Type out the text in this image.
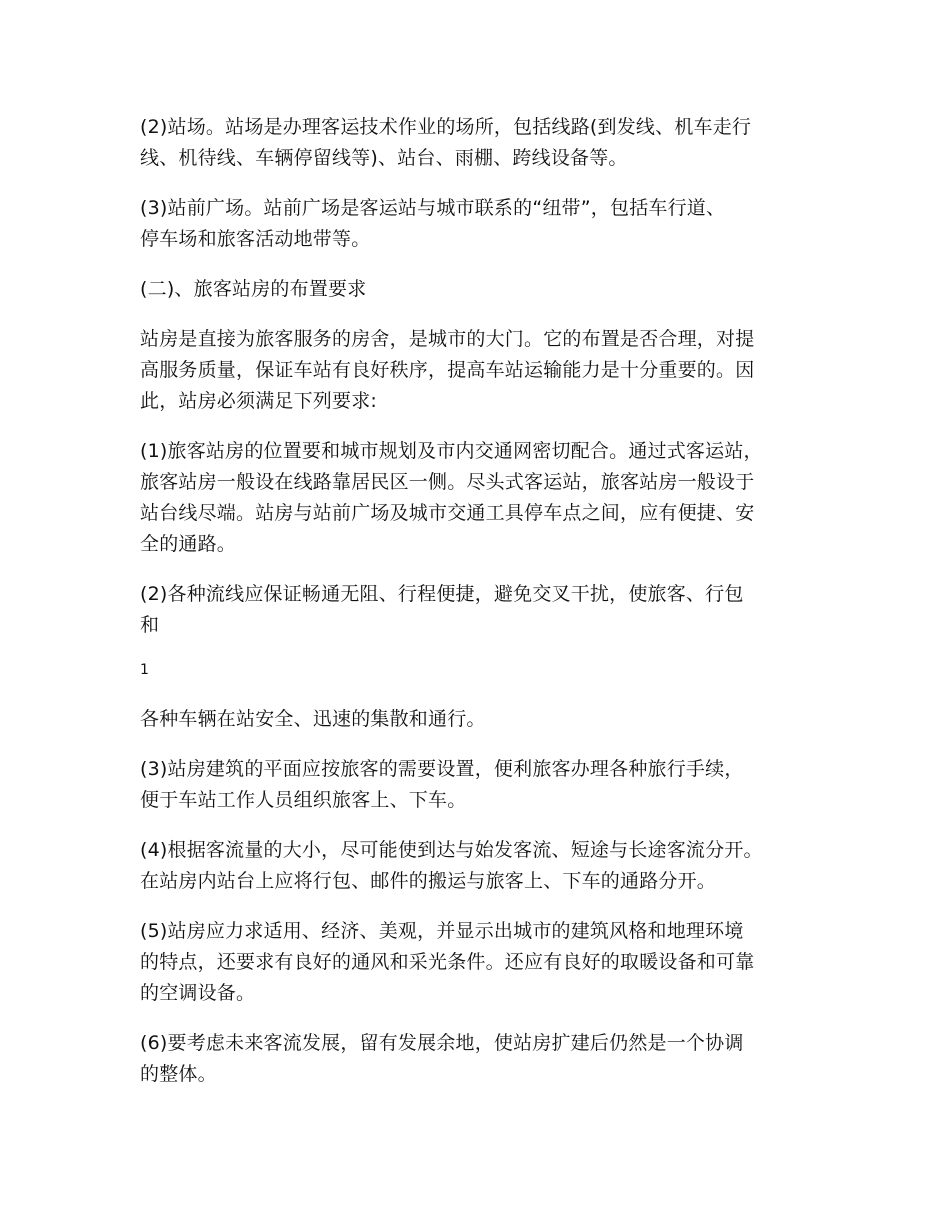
(2)站场。站场是办理客运技术作业的场所，包括线路(到发线、机车走行
线、机待线、车辆停留线等)、站台、雨棚、跨线设备等。
(3)站前广场。站前广场是客运站与城市联系的“纽带”，包括车行道、
停车场和旅客活动地带等。
(二)、旅客站房的布置要求
站房是直接为旅客服务的房舍，是城市的大门。它的布置是否合理，对提
高服务质量，保证车站有良好秩序，提高车站运输能力是十分重要的。因
此，站房必须满足下列要求:
(1)旅客站房的位置要和城市规划及市内交通网密切配合。通过式客运站，
旅客站房一般设在线路靠居民区一侧。尽头式客运站，旅客站房一般设于
站台线尽端。站房与站前广场及城市交通工具停车点之间，应有便捷、安
全的通路。
(2)各种流线应保证畅通无阻、行程便捷，避免交叉干扰，使旅客、行包
和
1
各种车辆在站安全、迅速的集散和通行。
(3)站房建筑的平面应按旅客的需要设置，便利旅客办理各种旅行手续，
便于车站工作人员组织旅客上、下车。
(4)根据客流量的大小，尽可能使到达与始发客流、短途与长途客流分开。
在站房内站台上应将行包、邮件的搬运与旅客上、下车的通路分开。
(5)站房应力求适用、经济、美观，并显示出城市的建筑风格和地理环境
的特点，还要求有良好的通风和采光条件。还应有良好的取暖设备和可靠
的空调设备。
(6)要考虑未来客流发展，留有发展余地，使站房扩建后仍然是一个协调
的整体。
